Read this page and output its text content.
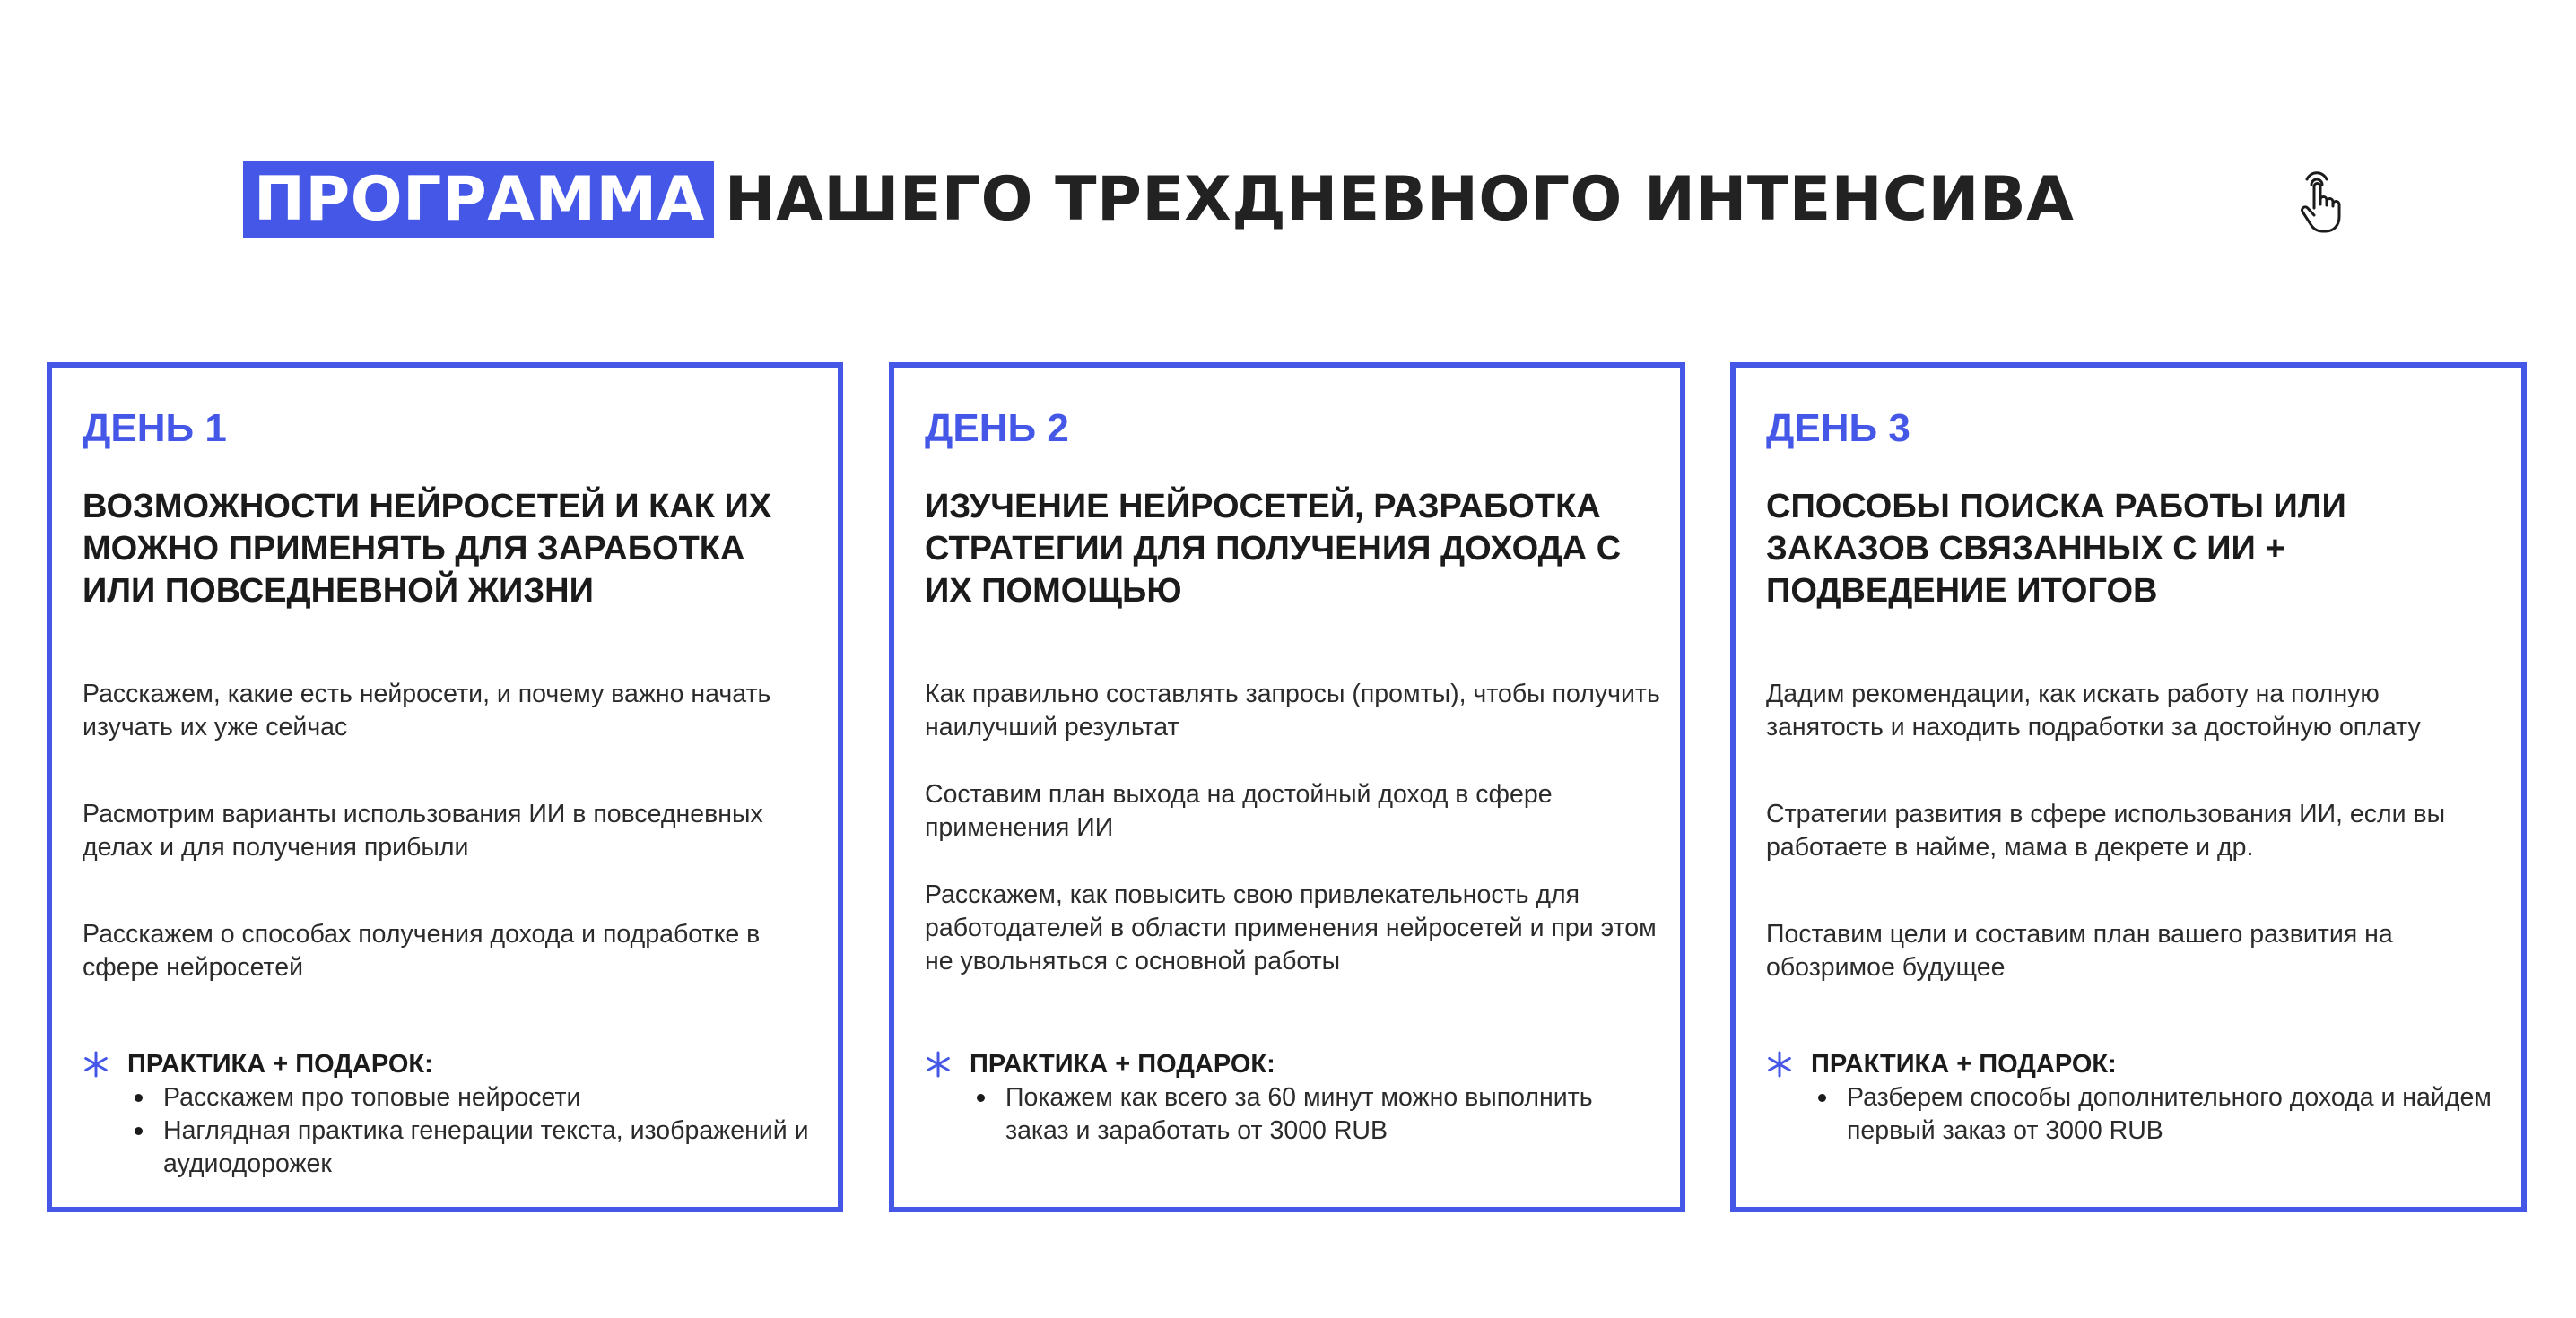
ПРОГРАММА НАШЕГО ТРЕХДНЕВНОГО ИНТЕНСИВА
ДЕНЬ 1
ВОЗМОЖНОСТИ НЕЙРОСЕТЕЙ И КАК ИХ МОЖНО ПРИМЕНЯТЬ ДЛЯ ЗАРАБОТКА ИЛИ ПОВСЕДНЕВНОЙ ЖИЗНИ
Расскажем, какие есть нейросети, и почему важно начать изучать их уже сейчас
Расмотрим варианты использования ИИ в повседневных делах и для получения прибыли
Расскажем о способах получения дохода и подработке в сфере нейросетей
ПРАКТИКА + ПОДАРОК:
Расскажем про топовые нейросети
Наглядная практика генерации текста, изображений и аудиодорожек
ДЕНЬ 2
ИЗУЧЕНИЕ НЕЙРОСЕТЕЙ, РАЗРАБОТКА СТРАТЕГИИ ДЛЯ ПОЛУЧЕНИЯ ДОХОДА С ИХ ПОМОЩЬЮ
Как правильно составлять запросы (промты), чтобы получить наилучший результат
Составим план выхода на достойный доход в сфере применения ИИ
Расскажем, как повысить свою привлекательность для работодателей в области применения нейросетей и при этом не увольняться с основной работы
ПРАКТИКА + ПОДАРОК:
Покажем как всего за 60 минут можно выполнить заказ и заработать от 3000 RUB
ДЕНЬ 3
СПОСОБЫ ПОИСКА РАБОТЫ ИЛИ ЗАКАЗОВ СВЯЗАННЫХ С ИИ + ПОДВЕДЕНИЕ ИТОГОВ
Дадим рекомендации, как искать работу на полную занятость и находить подработки за достойную оплату
Стратегии развития в сфере использования ИИ, если вы работаете в найме, мама в декрете и др.
Поставим цели и составим план вашего развития на обозримое будущее
ПРАКТИКА + ПОДАРОК:
Разберем способы дополнительного дохода и найдем первый заказ от 3000 RUB
